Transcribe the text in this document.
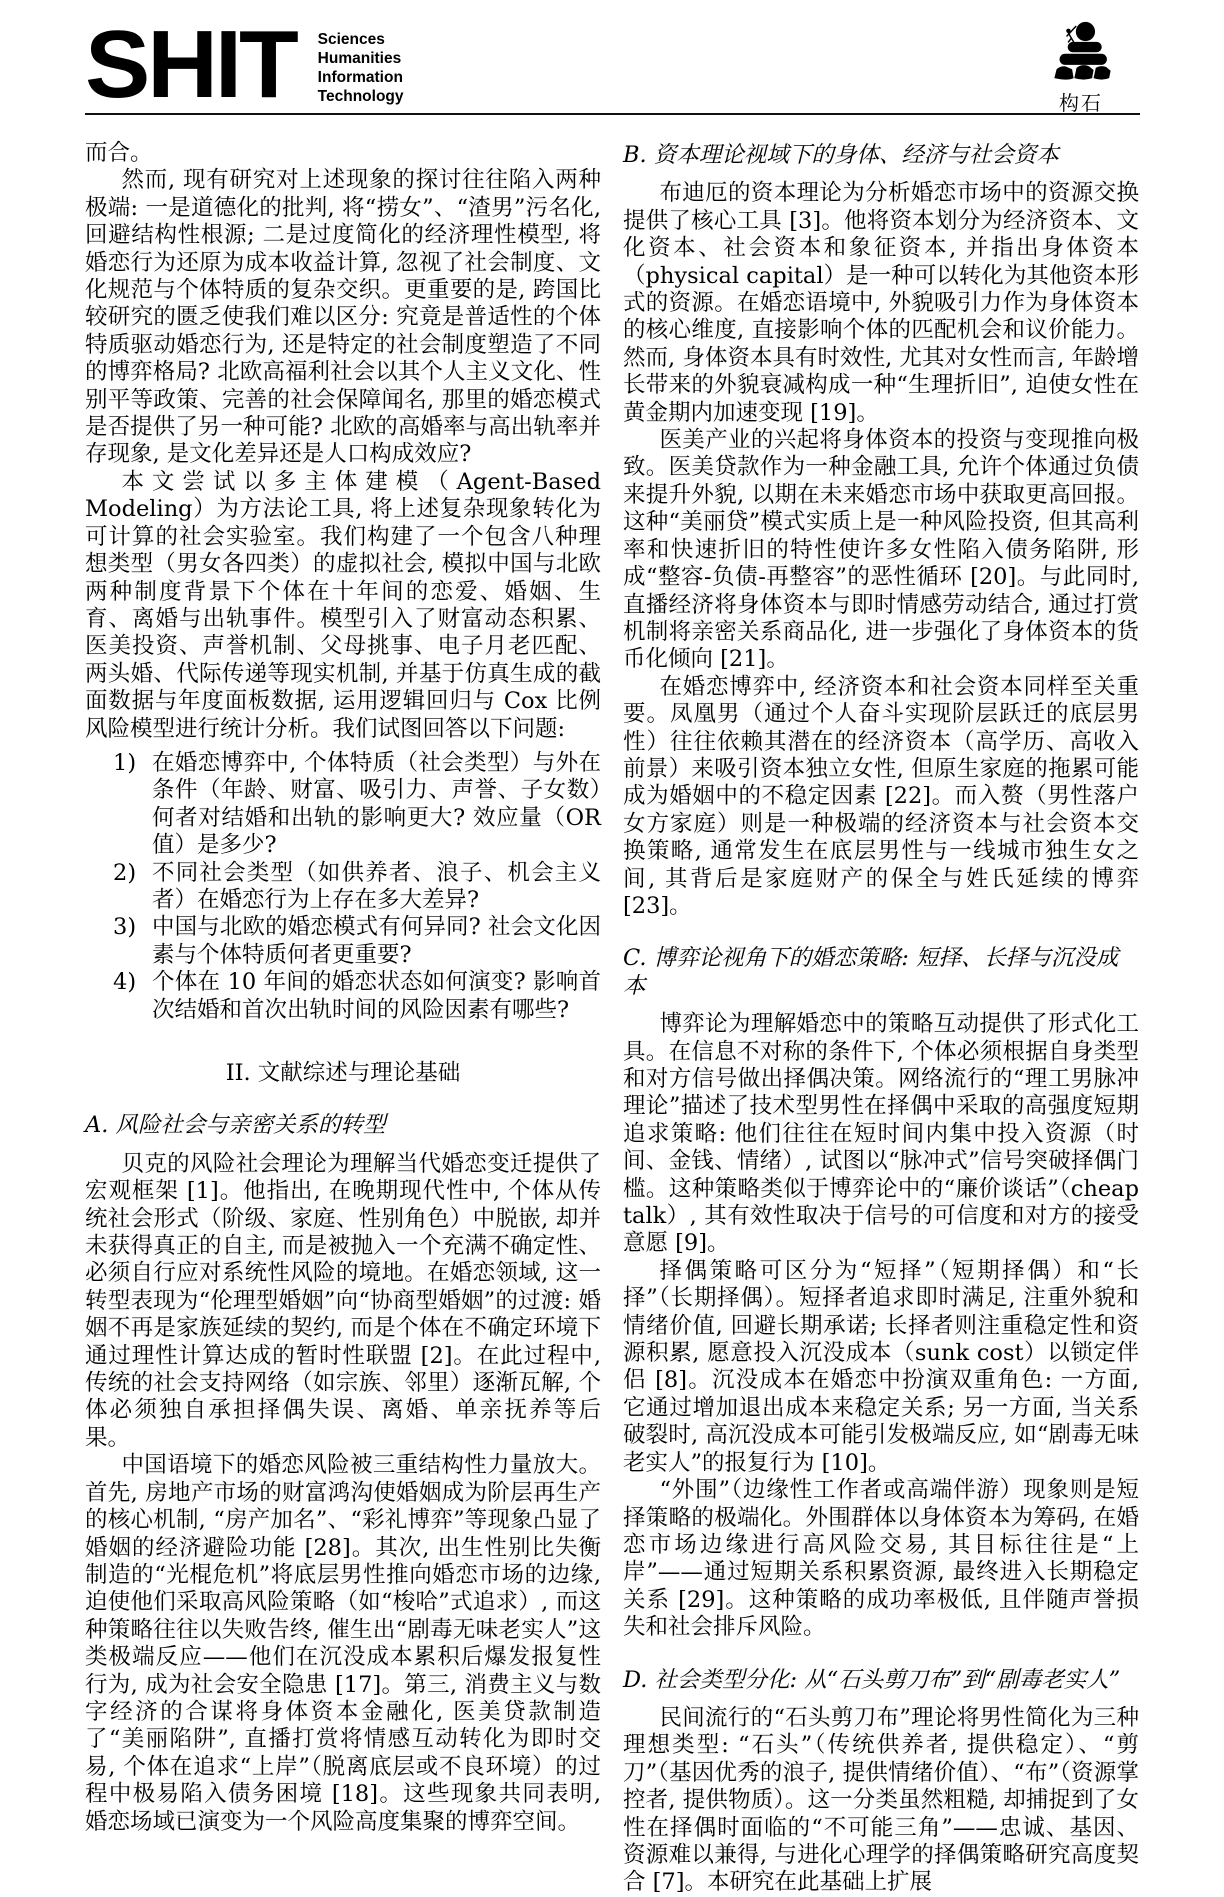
SHIT Sciences
Humanities
Information
Technology	构石

而合。

然而, 现有研究对上述现象的探讨往往陷入两种极端: 一是道德化的批判, 将“捞女”、“渣男”污名化, 回避结构性根源; 二是过度简化的经济理性模型, 将婚恋行为还原为成本收益计算, 忽视了社会制度、文化规范与个体特质的复杂交织。更重要的是, 跨国比较研究的匮乏使我们难以区分: 究竟是普适性的个体特质驱动婚恋行为, 还是特定的社会制度塑造了不同的博弈格局? 北欧高福利社会以其个人主义文化、性别平等政策、完善的社会保障闻名, 那里的婚恋模式是否提供了另一种可能? 北欧的高婚率与高出轨率并存现象, 是文化差异还是人口构成效应?

本文尝试以多主体建模（Agent-Based Modeling）为方法论工具, 将上述复杂现象转化为可计算的社会实验室。我们构建了一个包含八种理想类型（男女各四类）的虚拟社会, 模拟中国与北欧两种制度背景下个体在十年间的恋爱、婚姻、生育、离婚与出轨事件。模型引入了财富动态积累、医美投资、声誉机制、父母挑事、电子月老匹配、两头婚、代际传递等现实机制, 并基于仿真生成的截面数据与年度面板数据, 运用逻辑回归与 Cox 比例风险模型进行统计分析。我们试图回答以下问题:

1) 在婚恋博弈中, 个体特质（社会类型）与外在条件（年龄、财富、吸引力、声誉、子女数）何者对结婚和出轨的影响更大? 效应量（OR 值）是多少?
2) 不同社会类型（如供养者、浪子、机会主义者）在婚恋行为上存在多大差异?
3) 中国与北欧的婚恋模式有何异同? 社会文化因素与个体特质何者更重要?
4) 个体在 10 年间的婚恋状态如何演变? 影响首次结婚和首次出轨时间的风险因素有哪些?
II. 文献综述与理论基础
A. 风险社会与亲密关系的转型

贝克的风险社会理论为理解当代婚恋变迁提供了宏观框架 [1]。他指出, 在晚期现代性中, 个体从传统社会形式（阶级、家庭、性别角色）中脱嵌, 却并未获得真正的自主, 而是被抛入一个充满不确定性、必须自行应对系统性风险的境地。在婚恋领域, 这一转型表现为“伦理型婚姻”向“协商型婚姻”的过渡: 婚姻不再是家族延续的契约, 而是个体在不确定环境下通过理性计算达成的暂时性联盟 [2]。在此过程中, 传统的社会支持网络（如宗族、邻里）逐渐瓦解, 个体必须独自承担择偶失误、离婚、单亲抚养等后果。

中国语境下的婚恋风险被三重结构性力量放大。首先, 房地产市场的财富鸿沟使婚姻成为阶层再生产的核心机制, “房产加名”、“彩礼博弈”等现象凸显了婚姻的经济避险功能 [28]。其次, 出生性别比失衡制造的“光棍危机”将底层男性推向婚恋市场的边缘, 迫使他们采取高风险策略（如“梭哈”式追求）, 而这种策略往往以失败告终, 催生出“剧毒无味老实人”这类极端反应——他们在沉没成本累积后爆发报复性行为, 成为社会安全隐患 [17]。第三, 消费主义与数字经济的合谋将身体资本金融化, 医美贷款制造了“美丽陷阱”, 直播打赏将情感互动转化为即时交易, 个体在追求“上岸”（脱离底层或不良环境）的过程中极易陷入债务困境 [18]。这些现象共同表明, 婚恋场域已演变为一个风险高度集聚的博弈空间。

B. 资本理论视域下的身体、经济与社会资本

布迪厄的资本理论为分析婚恋市场中的资源交换提供了核心工具 [3]。他将资本划分为经济资本、文化资本、社会资本和象征资本, 并指出身体资本（physical capital）是一种可以转化为其他资本形式的资源。在婚恋语境中, 外貌吸引力作为身体资本的核心维度, 直接影响个体的匹配机会和议价能力。然而, 身体资本具有时效性, 尤其对女性而言, 年龄增长带来的外貌衰减构成一种“生理折旧”, 迫使女性在黄金期内加速变现 [19]。

医美产业的兴起将身体资本的投资与变现推向极致。医美贷款作为一种金融工具, 允许个体通过负债来提升外貌, 以期在未来婚恋市场中获取更高回报。这种“美丽贷”模式实质上是一种风险投资, 但其高利率和快速折旧的特性使许多女性陷入债务陷阱, 形成“整容-负债-再整容”的恶性循环 [20]。与此同时, 直播经济将身体资本与即时情感劳动结合, 通过打赏机制将亲密关系商品化, 进一步强化了身体资本的货币化倾向 [21]。

在婚恋博弈中, 经济资本和社会资本同样至关重要。凤凰男（通过个人奋斗实现阶层跃迁的底层男性）往往依赖其潜在的经济资本（高学历、高收入前景）来吸引资本独立女性, 但原生家庭的拖累可能成为婚姻中的不稳定因素 [22]。而入赘（男性落户女方家庭）则是一种极端的经济资本与社会资本交换策略, 通常发生在底层男性与一线城市独生女之间, 其背后是家庭财产的保全与姓氏延续的博弈 [23]。

C. 博弈论视角下的婚恋策略: 短择、长择与沉没成本

博弈论为理解婚恋中的策略互动提供了形式化工具。在信息不对称的条件下, 个体必须根据自身类型和对方信号做出择偶决策。网络流行的“理工男脉冲理论”描述了技术型男性在择偶中采取的高强度短期追求策略: 他们往往在短时间内集中投入资源（时间、金钱、情绪）, 试图以“脉冲式”信号突破择偶门槛。这种策略类似于博弈论中的“廉价谈话”（cheap talk）, 其有效性取决于信号的可信度和对方的接受意愿 [9]。

择偶策略可区分为“短择”（短期择偶）和“长择”（长期择偶）。短择者追求即时满足, 注重外貌和情绪价值, 回避长期承诺; 长择者则注重稳定性和资源积累, 愿意投入沉没成本（sunk cost）以锁定伴侣 [8]。沉没成本在婚恋中扮演双重角色: 一方面, 它通过增加退出成本来稳定关系; 另一方面, 当关系破裂时, 高沉没成本可能引发极端反应, 如“剧毒无味老实人”的报复行为 [10]。

“外围”（边缘性工作者或高端伴游）现象则是短择策略的极端化。外围群体以身体资本为筹码, 在婚恋市场边缘进行高风险交易, 其目标往往是“上岸”——通过短期关系积累资源, 最终进入长期稳定关系 [29]。这种策略的成功率极低, 且伴随声誉损失和社会排斥风险。

D. 社会类型分化: 从“石头剪刀布”到“剧毒老实人”

民间流行的“石头剪刀布”理论将男性简化为三种理想类型: “石头”（传统供养者, 提供稳定）、“剪刀”（基因优秀的浪子, 提供情绪价值）、“布”（资源掌控者, 提供物质）。这一分类虽然粗糙, 却捕捉到了女性在择偶时面临的“不可能三角”——忠诚、基因、资源难以兼得, 与进化心理学的择偶策略研究高度契合 [7]。本研究在此基础上扩展
